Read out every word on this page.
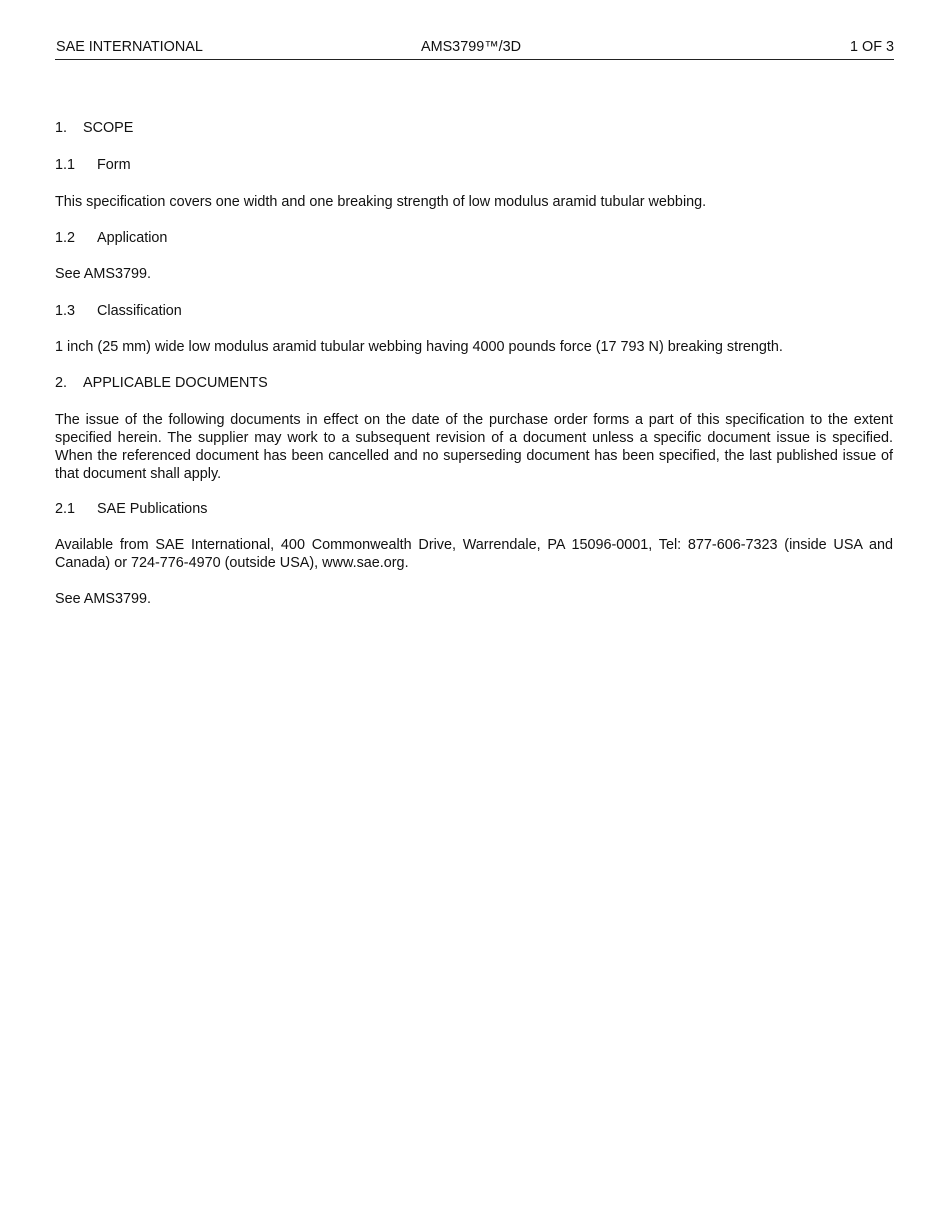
SAE INTERNATIONAL	AMS3799™/3D	1 OF 3
1. SCOPE
1.1 Form
This specification covers one width and one breaking strength of low modulus aramid tubular webbing.
1.2 Application
See AMS3799.
1.3 Classification
1 inch (25 mm) wide low modulus aramid tubular webbing having 4000 pounds force (17 793 N) breaking strength.
2. APPLICABLE DOCUMENTS
The issue of the following documents in effect on the date of the purchase order forms a part of this specification to the extent specified herein. The supplier may work to a subsequent revision of a document unless a specific document issue is specified. When the referenced document has been cancelled and no superseding document has been specified, the last published issue of that document shall apply.
2.1 SAE Publications
Available from SAE International, 400 Commonwealth Drive, Warrendale, PA 15096-0001, Tel: 877-606-7323 (inside USA and Canada) or 724-776-4970 (outside USA), www.sae.org.
See AMS3799.
